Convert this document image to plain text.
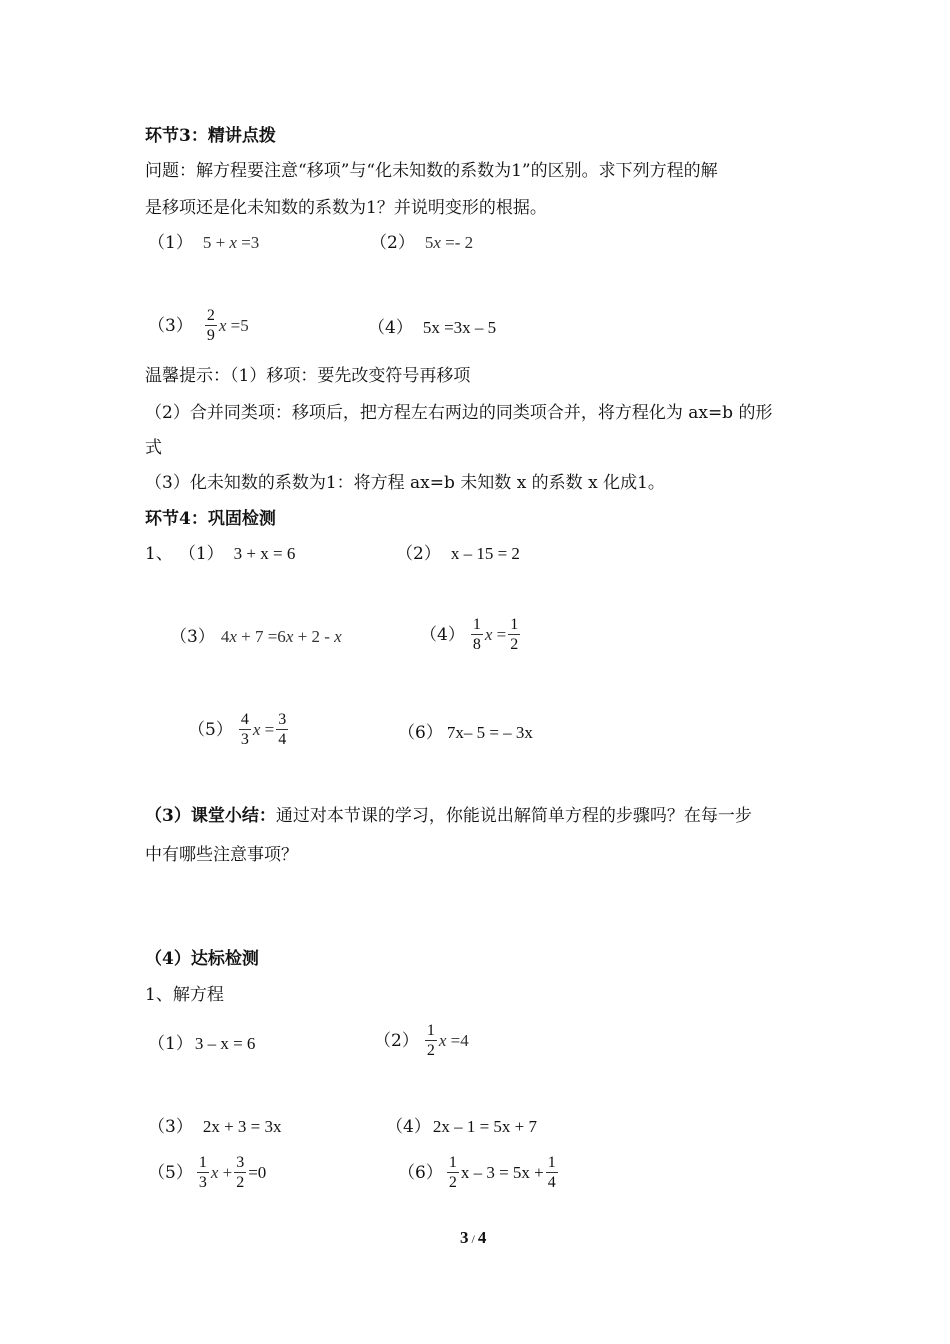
环节3：精讲点拨
问题：解方程要注意“移项”与“化未知数的系数为1”的区别。求下列方程的解
是移项还是化未知数的系数为1？并说明变形的根据。
（1） 5 + x =3	（2） 5x =- 2
$(3) \frac{2}{9}$ x =5	（4） 5x =3x – 5
温馨提示：（1）移项：要先改变符号再移项
（2）合并同类项：移项后，把方程左右两边的同类项合并，将方程化为 ax=b 的形
式
（3）化未知数的系数为1：将方程 ax=b 未知数 x 的系数 x 化成1。
环节4：巩固检测
1、 （1） 3 + x = 6	（2） x – 15 = 2
（3） 4x + 7 =6x + 2 - x	$(4) \frac{1}{8}$ $x = \frac{1}{2}$
$(5) \frac{4}{3}$ $x = \frac{3}{4}$	（6） 7x– 5 = – 3x
（3）课堂小结：通过对本节课的学习，你能说出解简单方程的步骤吗？在每一步
中有哪些注意事项？
（4）达标检测
1、解方程
（1） 3 – x = 6	$(2) \frac{1}{2}$ x =4
（3） 2x + 3 = 3x	（4） 2x – 1 = 5x + 7
$(5) \frac{1}{3}$ $x + \frac{3}{2} =0$	$(6) \frac{1}{2}$ $x - 3 = 5x + \frac{1}{4}$
3 / 4
